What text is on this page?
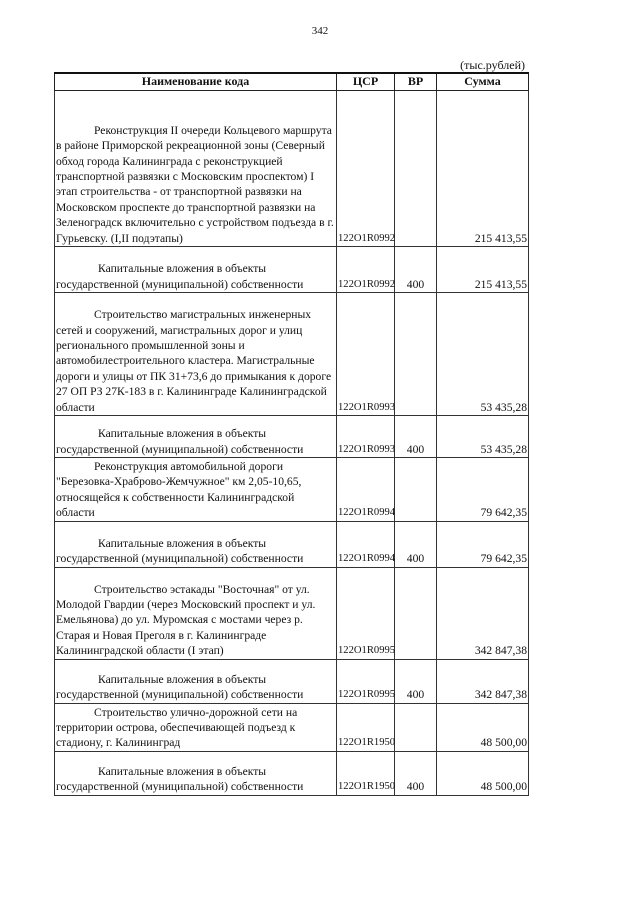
342
(тыс.рублей)
Наименование кода	ЦСР	ВР	Сумма
Реконструкция II очереди Кольцевого маршрута в районе Приморской рекреационной зоны (Северный обход города Калининграда с реконструкцией транспортной развязки с Московским проспектом) I этап строительства - от транспортной развязки на Московском проспекте до транспортной развязки на Зеленоградск включительно с устройством подъезда в г. Гурьевску. (I,II подэтапы)	122O1R0992		215 413,55
Капитальные вложения в объекты государственной (муниципальной) собственности	122O1R0992	400	215 413,55
Строительство магистральных инженерных сетей и сооружений, магистральных дорог и улиц регионального промышленной зоны и автомобилестроительного кластера. Магистральные дороги и улицы от ПК 31+73,6 до примыкания к дороге 27 ОП РЗ 27К-183 в г. Калининграде Калининградской области	122O1R0993		53 435,28
Капитальные вложения в объекты государственной (муниципальной) собственности	122O1R0993	400	53 435,28
Реконструкция автомобильной дороги "Березовка-Храброво-Жемчужное" км 2,05-10,65, относящейся к собственности Калининградской области	122O1R0994		79 642,35
Капитальные вложения в объекты государственной (муниципальной) собственности	122O1R0994	400	79 642,35
Строительство эстакады "Восточная" от ул. Молодой Гвардии (через Московский проспект и ул. Емельянова) до ул. Муромская с мостами через р. Старая и Новая Преголя в г. Калининграде Калининградской области (I этап)	122O1R0995		342 847,38
Капитальные вложения в объекты государственной (муниципальной) собственности	122O1R0995	400	342 847,38
Строительство улично-дорожной сети на территории острова, обеспечивающей подъезд к стадиону, г. Калининград	122O1R1950		48 500,00
Капитальные вложения в объекты государственной (муниципальной) собственности	122O1R1950	400	48 500,00
